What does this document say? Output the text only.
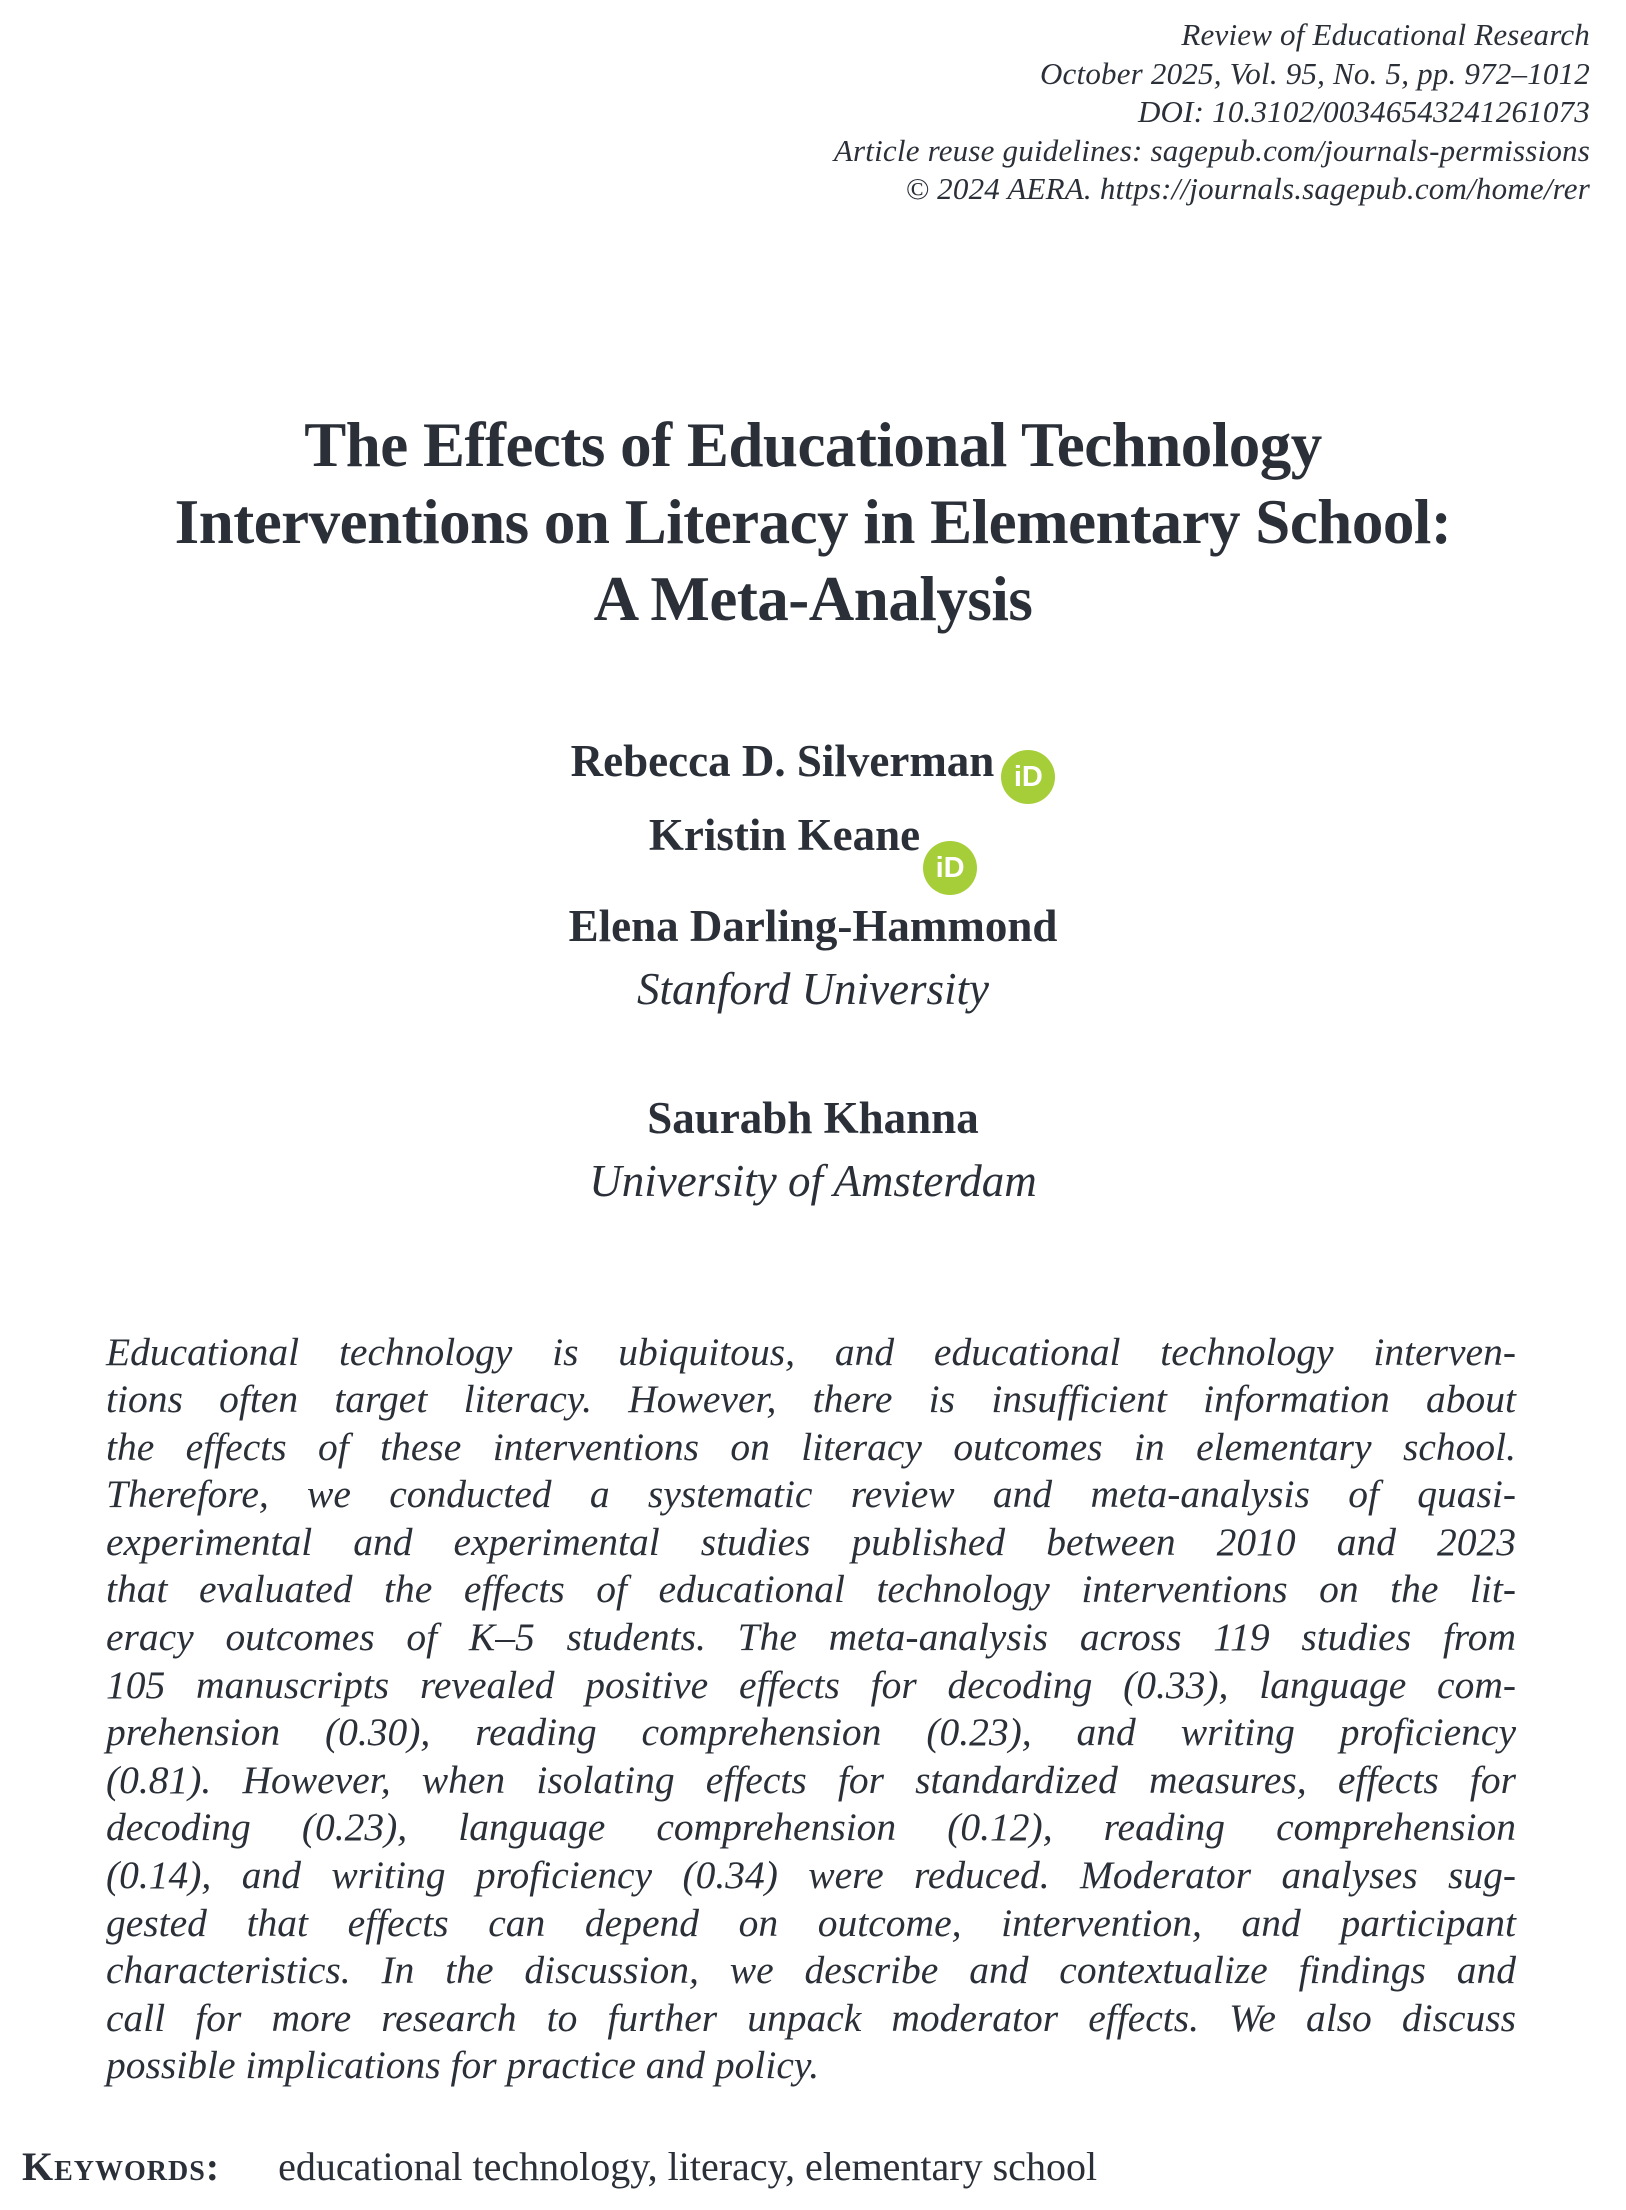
Review of Educational Research
October 2025, Vol. 95, No. 5, pp. 972–1012
DOI: 10.3102/00346543241261073
Article reuse guidelines: sagepub.com/journals-permissions
© 2024 AERA. https://journals.sagepub.com/home/rer
The Effects of Educational Technology
Interventions on Literacy in Elementary School:
A Meta-Analysis
Rebecca D. Silverman iD
Kristin KeaneiD
Elena Darling-Hammond
Stanford University
Saurabh Khanna
University of Amsterdam
Educational technology is ubiquitous, and educational technology interven-
tions often target literacy. However, there is insufficient information about
the effects of these interventions on literacy outcomes in elementary school.
Therefore, we conducted a systematic review and meta-analysis of quasi-
experimental and experimental studies published between 2010 and 2023
that evaluated the effects of educational technology interventions on the lit-
eracy outcomes of K–5 students. The meta-analysis across 119 studies from
105 manuscripts revealed positive effects for decoding (0.33), language com-
prehension (0.30), reading comprehension (0.23), and writing proficiency
(0.81). However, when isolating effects for standardized measures, effects for
decoding (0.23), language comprehension (0.12), reading comprehension
(0.14), and writing proficiency (0.34) were reduced. Moderator analyses sug-
gested that effects can depend on outcome, intervention, and participant
characteristics. In the discussion, we describe and contextualize findings and
call for more research to further unpack moderator effects. We also discuss
possible implications for practice and policy.
Keywords: educational technology, literacy, elementary school
